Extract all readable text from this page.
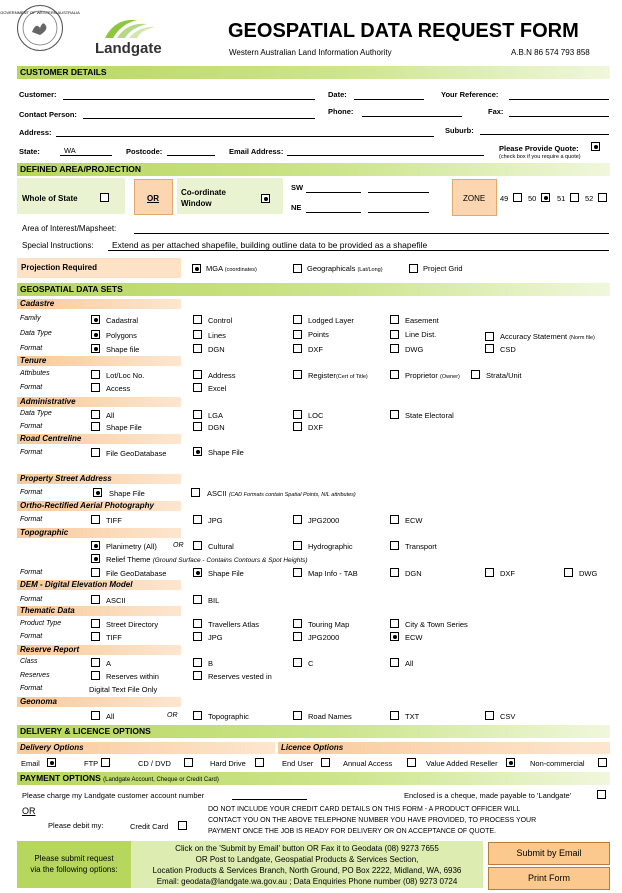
GOVERNMENT OF WESTERN AUSTRALIA
Landgate
GEOSPATIAL DATA REQUEST FORM
Western Australian Land Information Authority	A.B.N 86 574 793 858
CUSTOMER DETAILS
Customer:	Date:	Your Reference:
Contact Person:	Phone:	Fax:
Address:	Suburb:
State:	WA	Postcode:	Email Address:	Please Provide Quote:
(check box if you require a quote)
DEFINED AREA/PROJECTION
Whole of State	OR
Co-ordinate Window
SW
NE
ZONE 49	50	51	52
Area of Interest/Mapsheet:
Special Instructions: Extend as per attached shapefile, building outline data to be provided as a shapefile
Projection Required	MGA (coordinates)	Geographicals (Lat/Long)	Project Grid
GEOSPATIAL DATA SETS
Cadastre
Family	Cadastral	Control	Lodged Layer	Easement
Data Type	Polygons	Lines	Points	Line Dist.	Accuracy Statement (Norm file)
Format	Shape file	DGN	DXF	DWG	CSD
Tenure
Attributes	Lot/Loc No.	Address	Register(Cert of Title)	Proprietor (Owner)	Strata/Unit
Format	Access	Excel
Administrative
Data Type	All	LGA	LOC	State Electoral
Format	Shape File	DGN	DXF
Road Centreline
Format	File GeoDatabase	Shape File
Property Street Address
Format	Shape File	ASCII (CAD Formats contain Spatial Points, NIL attributes)
Ortho-Rectified Aerial Photography
Format	TIFF	JPG	JPG2000	ECW
Topographic
Planimetry (All) OR	Cultural	Hydrographic	Transport
Relief Theme (Ground Surface - Contains Contours & Spot Heights)
Format	File GeoDatabase	Shape File	Map Info - TAB	DGN	DXF	DWG
DEM - Digital Elevation Model
Format	ASCII	BIL
Thematic Data
Product Type	Street Directory	Travellers Atlas	Touring Map	City & Town Series
Format	TIFF	JPG	JPG2000	ECW
Reserve Report
Class	A	B	C	All
Reserves	Reserves within	Reserves vested in
Format	Digital Text File Only
Geonoma
All	OR	Topographic	Road Names	TXT	CSV
DELIVERY & LICENCE OPTIONS
Delivery Options	Licence Options
Email	FTP	CD / DVD	Hard Drive	End User	Annual Access	Value Added Reseller	Non-commercial
PAYMENT OPTIONS (Landgate Account, Cheque or Credit Card)
Please charge my Landgate customer account number	Enclosed is a cheque, made payable to 'Landgate'
OR
Please debit my:	Credit Card
DO NOT INCLUDE YOUR CREDIT CARD DETAILS ON THIS FORM - A PRODUCT OFFICER WILL
CONTACT YOU ON THE ABOVE TELEPHONE NUMBER YOU HAVE PROVIDED, TO PROCESS YOUR
PAYMENT ONCE THE JOB IS READY FOR DELIVERY OR ON ACCEPTANCE OF QUOTE.
Please submit request
via the following options:
Click on the 'Submit by Email' button OR Fax it to Geodata (08) 9273 7655
OR Post to Landgate, Geospatial Products & Services Section,
Location Products & Services Branch, North Ground, PO Box 2222, Midland, WA, 6936
Email: geodata@landgate.wa.gov.au ; Data Enquiries Phone number (08) 9273 0724
Submit by Email
Print Form
